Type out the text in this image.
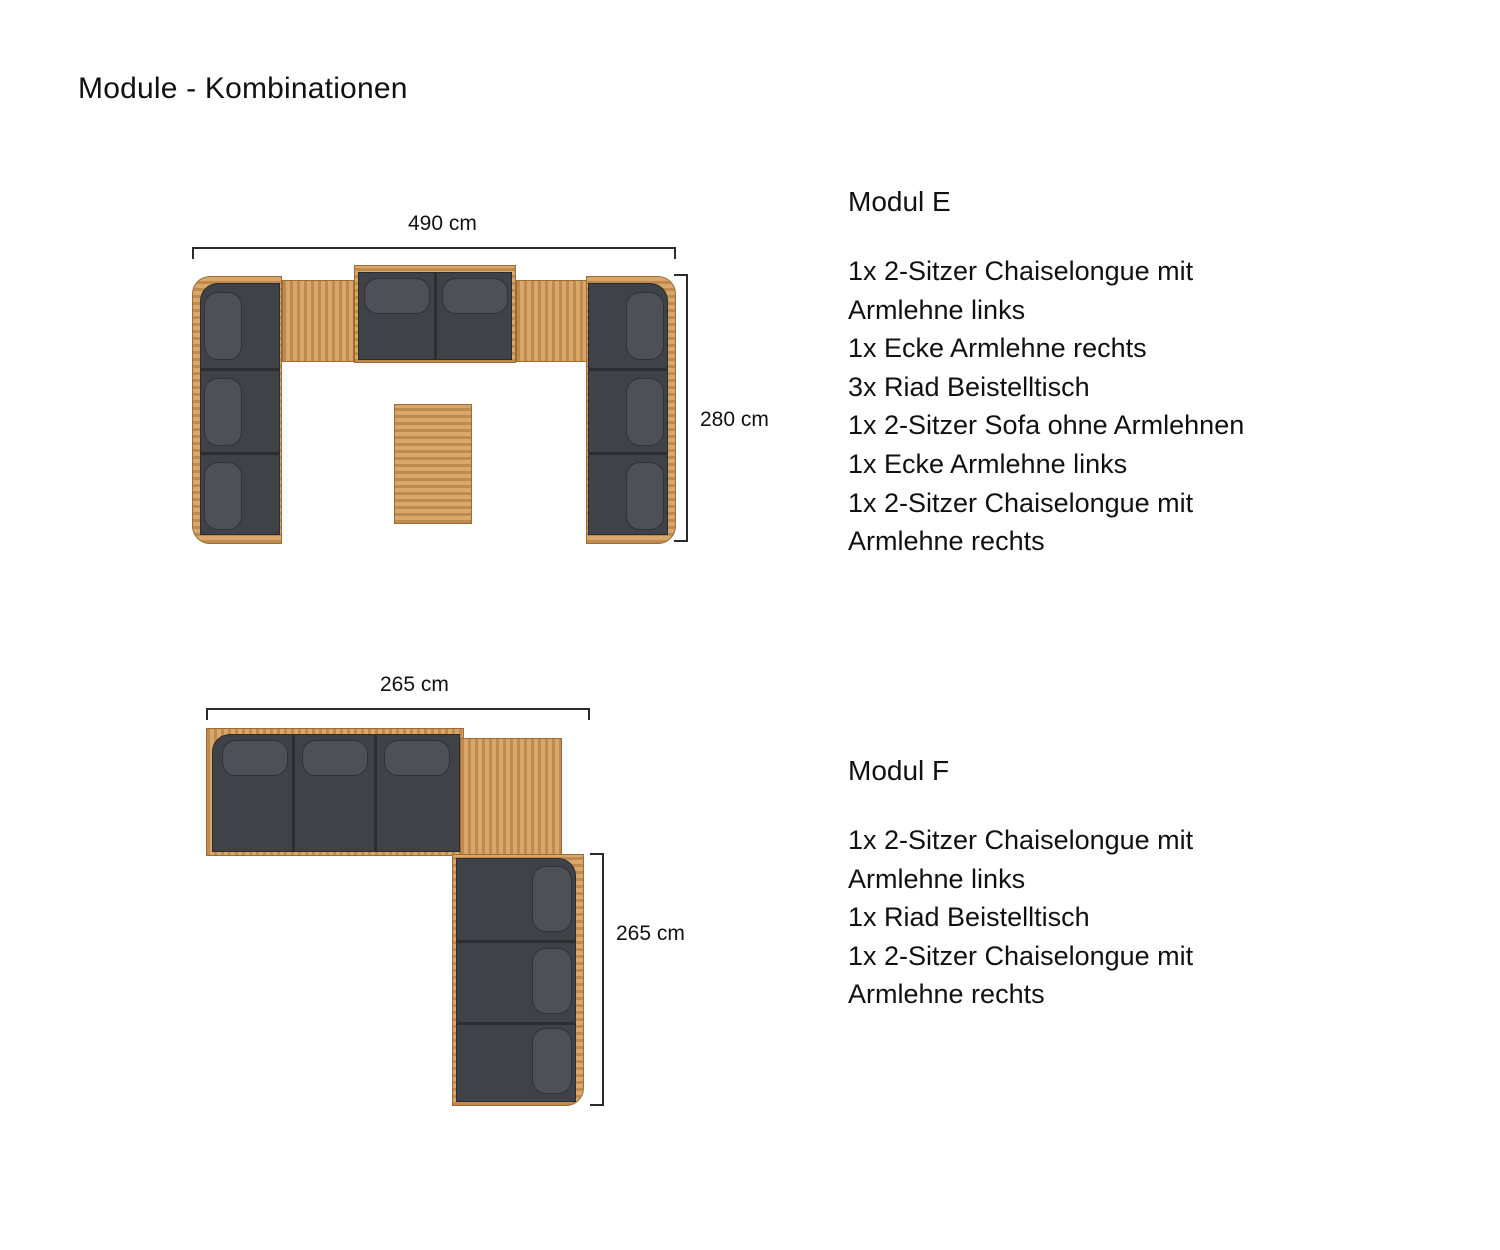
Module - Kombinationen
490 cm
280 cm
265 cm
265 cm
Modul E
1x 2-Sitzer Chaiselongue mit
Armlehne links
1x Ecke Armlehne rechts
3x Riad Beistelltisch
1x 2-Sitzer Sofa ohne Armlehnen
1x Ecke Armlehne links
1x 2-Sitzer Chaiselongue mit
Armlehne rechts
Modul F
1x 2-Sitzer Chaiselongue mit
Armlehne links
1x Riad Beistelltisch
1x 2-Sitzer Chaiselongue mit
Armlehne rechts
